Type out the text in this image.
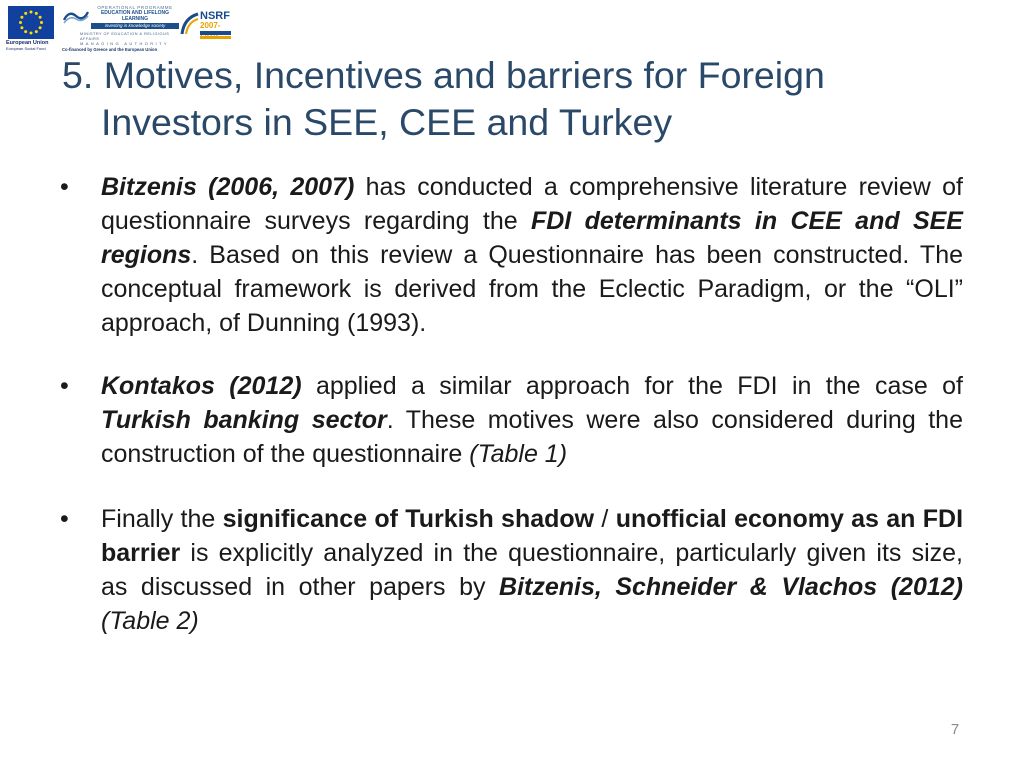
European Union
European Social Fund
OPERATIONAL PROGRAMME
EDUCATION AND LIFELONG LEARNING
investing in knowledge society
MINISTRY OF EDUCATION & RELIGIOUS AFFAIRS
MANAGING AUTHORITY
Co-financed by Greece and the European Union
NSRF
2007-
5. Motives, Incentives and barriers for Foreign
Investors in SEE, CEE and Turkey
• Bitzenis (2006, 2007) has conducted a comprehensive literature review of questionnaire surveys regarding the FDI determinants in CEE and SEE regions. Based on this review a Questionnaire has been constructed. The conceptual framework is derived from the Eclectic Paradigm, or the “OLI” approach, of Dunning (1993).
• Kontakos (2012) applied a similar approach for the FDI in the case of Turkish banking sector. These motives were also considered during the construction of the questionnaire (Table 1)
• Finally the significance of Turkish shadow / unofficial economy as an FDI barrier is explicitly analyzed in the questionnaire, particularly given its size, as discussed in other papers by Bitzenis, Schneider & Vlachos (2012) (Table 2)
7
